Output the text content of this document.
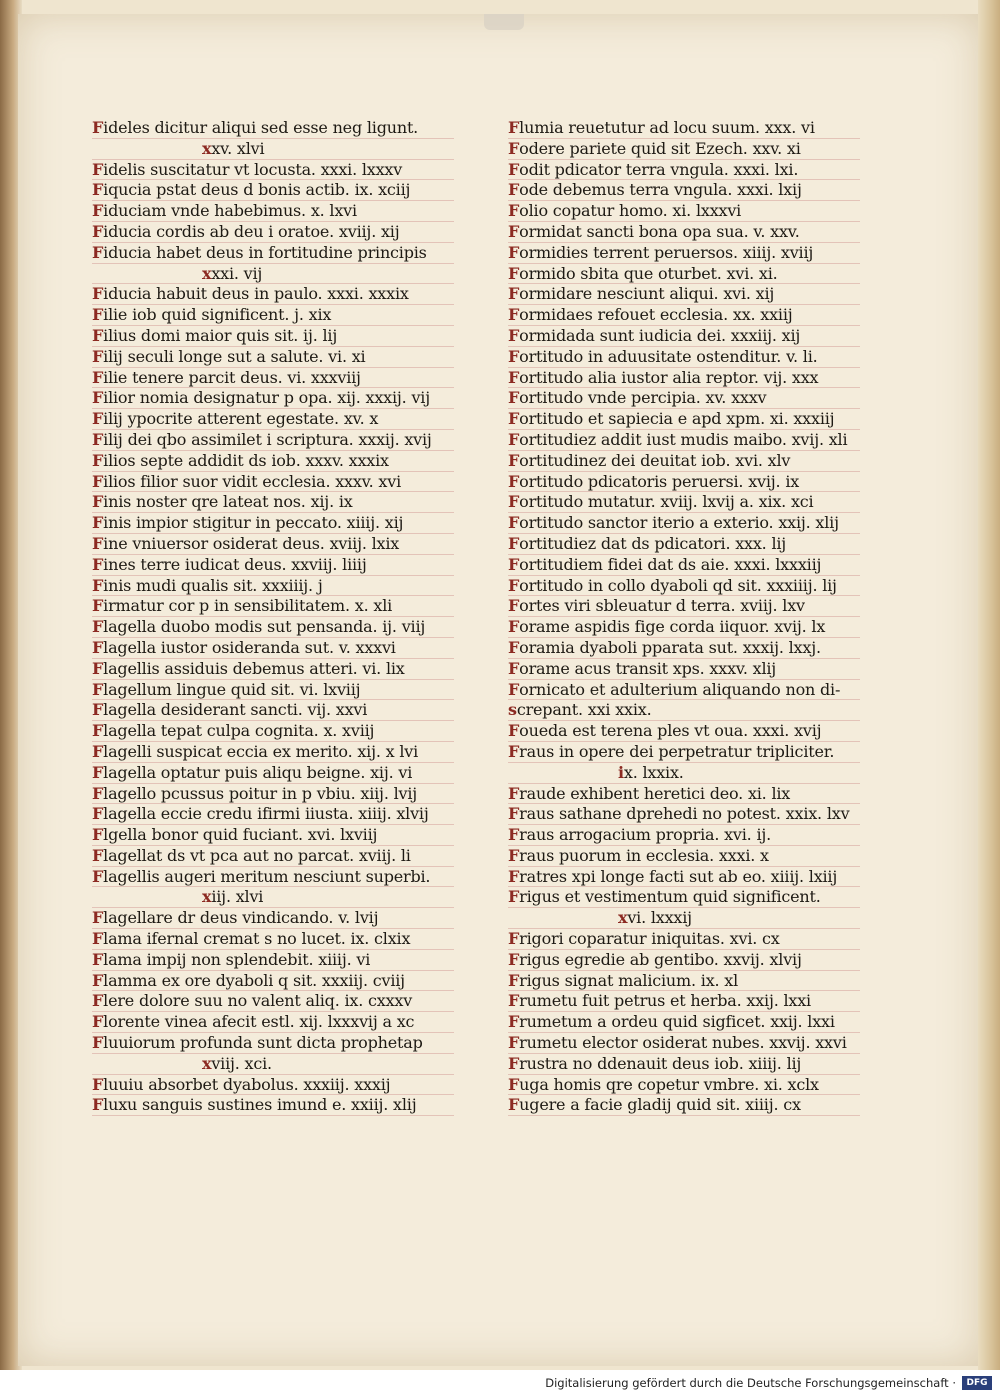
Fideles dicitur aliqui sed esse neg ligunt.
xxv. xlvi
Fidelis suscitatur vt locusta. xxxi. lxxxv
Fiqucia pstat deus d bonis actib. ix. xciij
Fiduciam vnde habebimus. x. lxvi
Fiducia cordis ab deu i oratoe. xviij. xij
Fiducia habet deus in fortitudine principis
xxxi. vij
Fiducia habuit deus in paulo. xxxi. xxxix
Filie iob quid significent. j. xix
Filius domi maior quis sit. ij. lij
Filij seculi longe sut a salute. vi. xi
Filie tenere parcit deus. vi. xxxviij
Filior nomia designatur p opa. xij. xxxij. vij
Filij ypocrite atterent egestate. xv. x
Filij dei qbo assimilet i scriptura. xxxij. xvij
Filios septe addidit ds iob. xxxv. xxxix
Filios filior suor vidit ecclesia. xxxv. xvi
Finis noster qre lateat nos. xij. ix
Finis impior stigitur in peccato. xiiij. xij
Fine vniuersor osiderat deus. xviij. lxix
Fines terre iudicat deus. xxviij. liiij
Finis mudi qualis sit. xxxiiij. j
Firmatur cor p in sensibilitatem. x. xli
Flagella duobo modis sut pensanda. ij. viij
Flagella iustor osideranda sut. v. xxxvi
Flagellis assiduis debemus atteri. vi. lix
Flagellum lingue quid sit. vi. lxviij
Flagella desiderant sancti. vij. xxvi
Flagella tepat culpa cognita. x. xviij
Flagelli suspicat eccia ex merito. xij. x lvi
Flagella optatur puis aliqu beigne. xij. vi
Flagello pcussus poitur in p vbiu. xiij. lvij
Flagella eccie credu ifirmi iiusta. xiiij. xlvij
Flgella bonor quid fuciant. xvi. lxviij
Flagellat ds vt pca aut no parcat. xviij. li
Flagellis augeri meritum nesciunt superbi.
xiij. xlvi
Flagellare dr deus vindicando. v. lvij
Flama ifernal cremat s no lucet. ix. clxix
Flama impij non splendebit. xiiij. vi
Flamma ex ore dyaboli q sit. xxxiij. cviij
Flere dolore suu no valent aliq. ix. cxxxv
Florente vinea afecit estl. xij. lxxxvij a xc
Fluuiorum profunda sunt dicta prophetap
xviij. xci.
Fluuiu absorbet dyabolus. xxxiij. xxxij
Fluxu sanguis sustines imund e. xxiij. xlij
Flumia reuetutur ad locu suum. xxx. vi
Fodere pariete quid sit Ezech. xxv. xi
Fodit pdicator terra vngula. xxxi. lxi.
Fode debemus terra vngula. xxxi. lxij
Folio copatur homo. xi. lxxxvi
Formidat sancti bona opa sua. v. xxv.
Formidies terrent peruersos. xiiij. xviij
Formido sbita que oturbet. xvi. xi.
Formidare nesciunt aliqui. xvi. xij
Formidaes refouet ecclesia. xx. xxiij
Formidada sunt iudicia dei. xxxiij. xij
Fortitudo in aduusitate ostenditur. v. li.
Fortitudo alia iustor alia reptor. vij. xxx
Fortitudo vnde percipia. xv. xxxv
Fortitudo et sapiecia e apd xpm. xi. xxxiij
Fortitudiez addit iust mudis maibo. xvij. xli
Fortitudinez dei deuitat iob. xvi. xlv
Fortitudo pdicatoris peruersi. xvij. ix
Fortitudo mutatur. xviij. lxvij a. xix. xci
Fortitudo sanctor iterio a exterio. xxij. xlij
Fortitudiez dat ds pdicatori. xxx. lij
Fortitudiem fidei dat ds aie. xxxi. lxxxiij
Fortitudo in collo dyaboli qd sit. xxxiiij. lij
Fortes viri sbleuatur d terra. xviij. lxv
Forame aspidis fige corda iiquor. xvij. lx
Foramia dyaboli pparata sut. xxxij. lxxj.
Forame acus transit xps. xxxv. xlij
Fornicato et adulterium aliquando non di-
screpant. xxi xxix.
Foueda est terena ples vt oua. xxxi. xvij
Fraus in opere dei perpetratur tripliciter.
ix. lxxix.
Fraude exhibent heretici deo. xi. lix
Fraus sathane dprehedi no potest. xxix. lxv
Fraus arrogacium propria. xvi. ij.
Fraus puorum in ecclesia. xxxi. x
Fratres xpi longe facti sut ab eo. xiiij. lxiij
Frigus et vestimentum quid significent.
xvi. lxxxij
Frigori coparatur iniquitas. xvi. cx
Frigus egredie ab gentibo. xxvij. xlvij
Frigus signat malicium. ix. xl
Frumetu fuit petrus et herba. xxij. lxxi
Frumetum a ordeu quid sigficet. xxij. lxxi
Frumetu elector osiderat nubes. xxvij. xxvi
Frustra no ddenauit deus iob. xiiij. lij
Fuga homis qre copetur vmbre. xi. xclx
Fugere a facie gladij quid sit. xiiij. cx
Digitalisierung gefördert durch die Deutsche Forschungsgemeinschaft ·	DFG
